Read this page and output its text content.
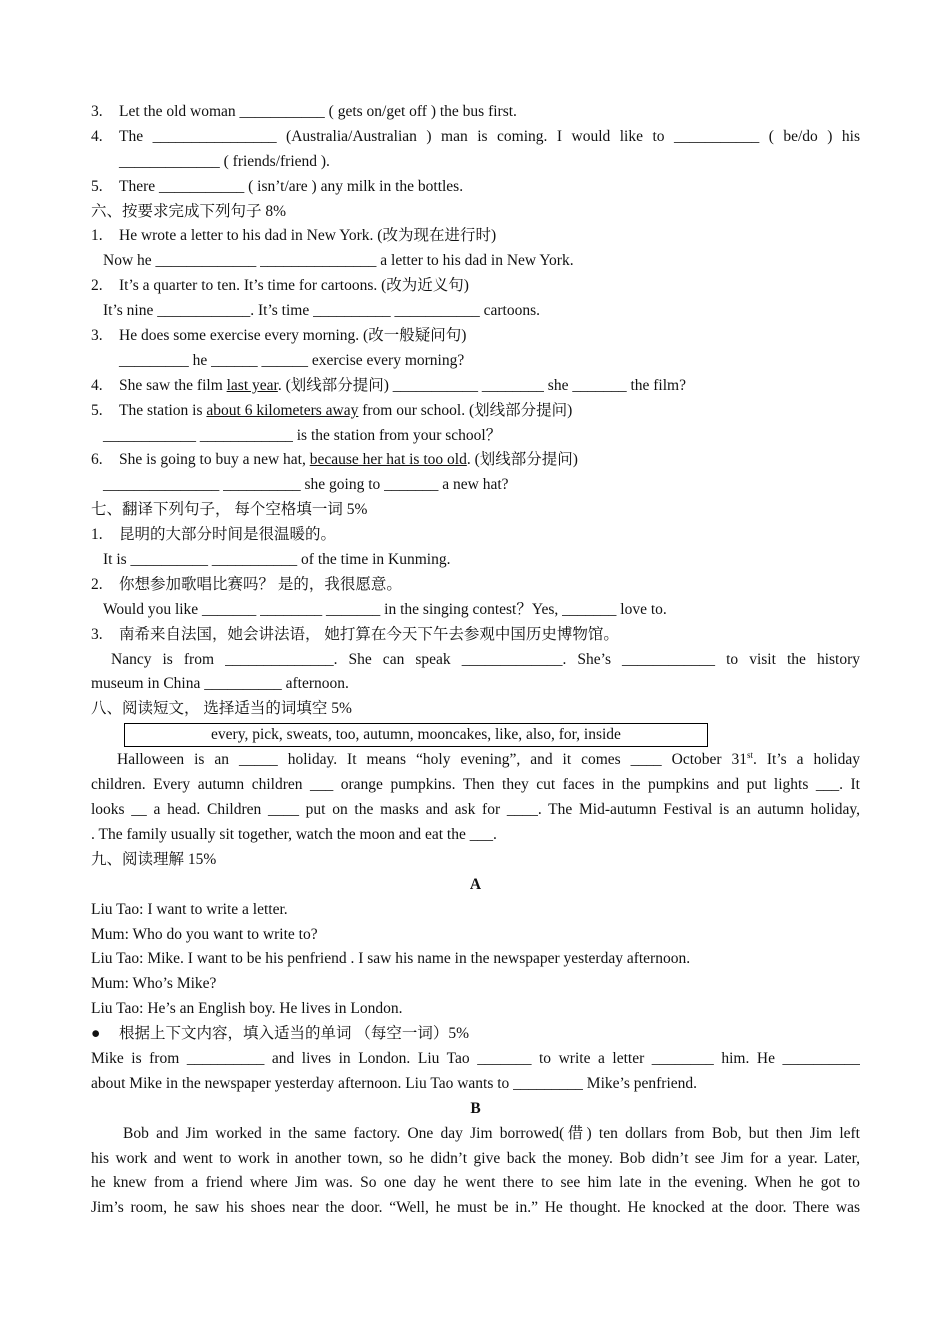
3. Let the old woman ___________ ( gets on/get off ) the bus first.
4. The ________________ (Australia/Australian ) man is coming. I would like to ___________ ( be/do ) his
_____________ ( friends/friend ).
5. There ___________ ( isn’t/are ) any milk in the bottles.
六、按要求完成下列句子 8%
1. He wrote a letter to his dad in New York. (改为现在进行时)
Now he _____________ _______________ a letter to his dad in New York.
2. It’s a quarter to ten. It’s time for cartoons. (改为近义句)
It’s nine ____________. It’s time __________ ___________ cartoons.
3. He does some exercise every morning. (改一般疑问句)
_________ he ______ ______ exercise every morning?
4. She saw the film last year. (划线部分提问) ___________ ________ she _______ the film?
5. The station is about 6 kilometers away from our school. (划线部分提问)
____________ ____________ is the station from your school？
6. She is going to buy a new hat, because her hat is too old. (划线部分提问)
_______________ __________ she going to _______ a new hat?
七、翻译下列句子， 每个空格填一词 5%
1. 昆明的大部分时间是很温暖的。
It is __________ ___________ of the time in Kunming.
2. 你想参加歌唱比赛吗？ 是的，我很愿意。
Would you like _______ ________ _______ in the singing contest？Yes, _______ love to.
3. 南希来自法国，她会讲法语， 她打算在今天下午去参观中国历史博物馆。
Nancy is from ______________. She can speak _____________. She’s ____________ to visit the history
museum in China __________ afternoon.
八、阅读短文， 选择适当的词填空 5%
every, pick, sweats, too, autumn, mooncakes, like, also, for, inside
Halloween is an _____ holiday. It means “holy evening”, and it comes ____ October 31st. It’s a holiday
children. Every autumn children ___ orange pumpkins. Then they cut faces in the pumpkins and put lights ___. It
looks __ a head. Children ____ put on the masks and ask for ____. The Mid-autumn Festival is an autumn holiday,
. The family usually sit together, watch the moon and eat the ___.
九、阅读理解 15%
A
Liu Tao: I want to write a letter.
Mum: Who do you want to write to?
Liu Tao: Mike. I want to be his penfriend . I saw his name in the newspaper yesterday afternoon.
Mum: Who’s Mike?
Liu Tao: He’s an English boy. He lives in London.
● 根据上下文内容，填入适当的单词 （每空一词）5%
Mike is from __________ and lives in London. Liu Tao _______ to write a letter ________ him. He __________
about Mike in the newspaper yesterday afternoon. Liu Tao wants to _________ Mike’s penfriend.
B
Bob and Jim worked in the same factory. One day Jim borrowed(借) ten dollars from Bob, but then Jim left
his work and went to work in another town, so he didn’t give back the money. Bob didn’t see Jim for a year. Later,
he knew from a friend where Jim was. So one day he went there to see him late in the evening. When he got to
Jim’s room, he saw his shoes near the door. “Well, he must be in.” He thought. He knocked at the door. There was
